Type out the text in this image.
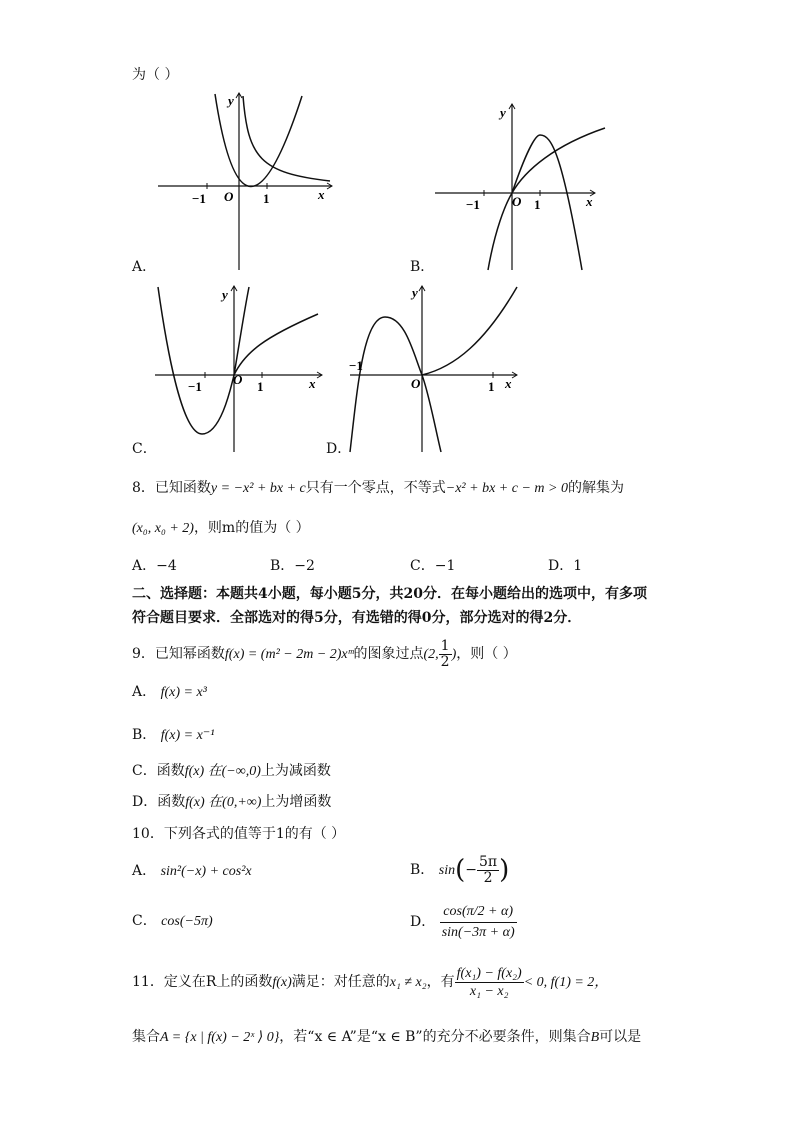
为（ ）
y
x
O
−1	1
A．
y
x
O
−1	1
B．
y
x
O
−1	1
C．
y
x
O
−1
1
D．
8．已知函数y = −x² + bx + c只有一个零点，不等式−x² + bx + c − m > 0的解集为
(x₀, x₀ + 2)，则m的值为（ ）
A．−4	B．−2	C．−1	D．1
二、选择题：本题共4小题，每小题5分，共20分．在每小题给出的选项中，有多项
符合题目要求．全部选对的得5分，有选错的得0分，部分选对的得2分．
9．已知幂函数f(x) = (m² − 2m − 2)xᵐ的图象过点(2, $\frac{1}{2}$ )，则（ ）
A． f(x) = x³
B． f(x) = x⁻¹
C．函数f(x) 在(−∞,0)上为减函数
D．函数f(x) 在(0,+∞)上为增函数
10．下列各式的值等于1的有（ ）
A． sin²(−x) + cos²x	B． $\sin(- \frac{5\pi}{2}$ )
C． cos(−5π)	D． $\frac{\cos(\pi/2 + \alpha)}{\sin(-3\pi + \alpha)}$
11．定义在R上的函数f(x)满足：对任意的x₁ ≠ x₂，有 $\frac{\text{f(x₁) − f(x₂)}}{\text{x₁ − x₂}} < 0$, f(1) = 2，
集合A = {x | f(x) − 2ˣ ⟩ 0}，若“x ∈ A”是“x ∈ B”的充分不必要条件，则集合B可以是
